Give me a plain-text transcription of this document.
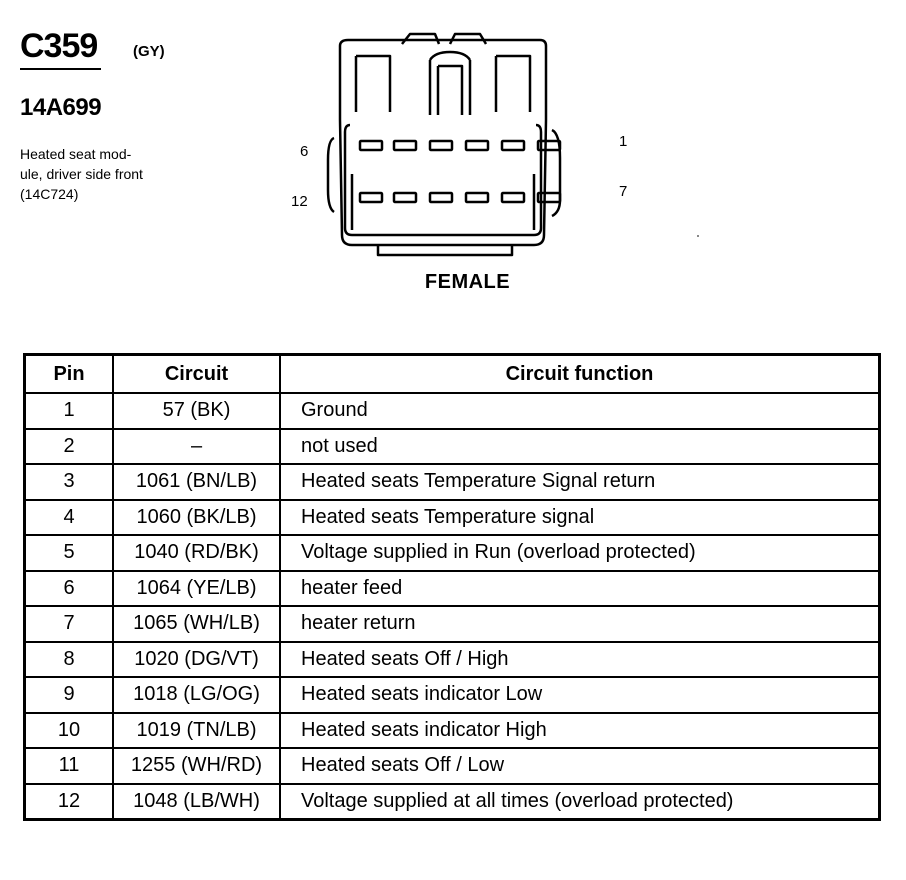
C359 (GY)
14A699
Heated seat mod-
ule, driver side front
(14C724)
6
1
12
7
FEMALE
Pin	Circuit	Circuit function
1	57 (BK)	Ground
2	–	not used
3	1061 (BN/LB)	Heated seats Temperature Signal return
4	1060 (BK/LB)	Heated seats Temperature signal
5	1040 (RD/BK)	Voltage supplied in Run (overload protected)
6	1064 (YE/LB)	heater feed
7	1065 (WH/LB)	heater return
8	1020 (DG/VT)	Heated seats Off / High
9	1018 (LG/OG)	Heated seats indicator Low
10	1019 (TN/LB)	Heated seats indicator High
11	1255 (WH/RD)	Heated seats Off / Low
12	1048 (LB/WH)	Voltage supplied at all times (overload protected)
